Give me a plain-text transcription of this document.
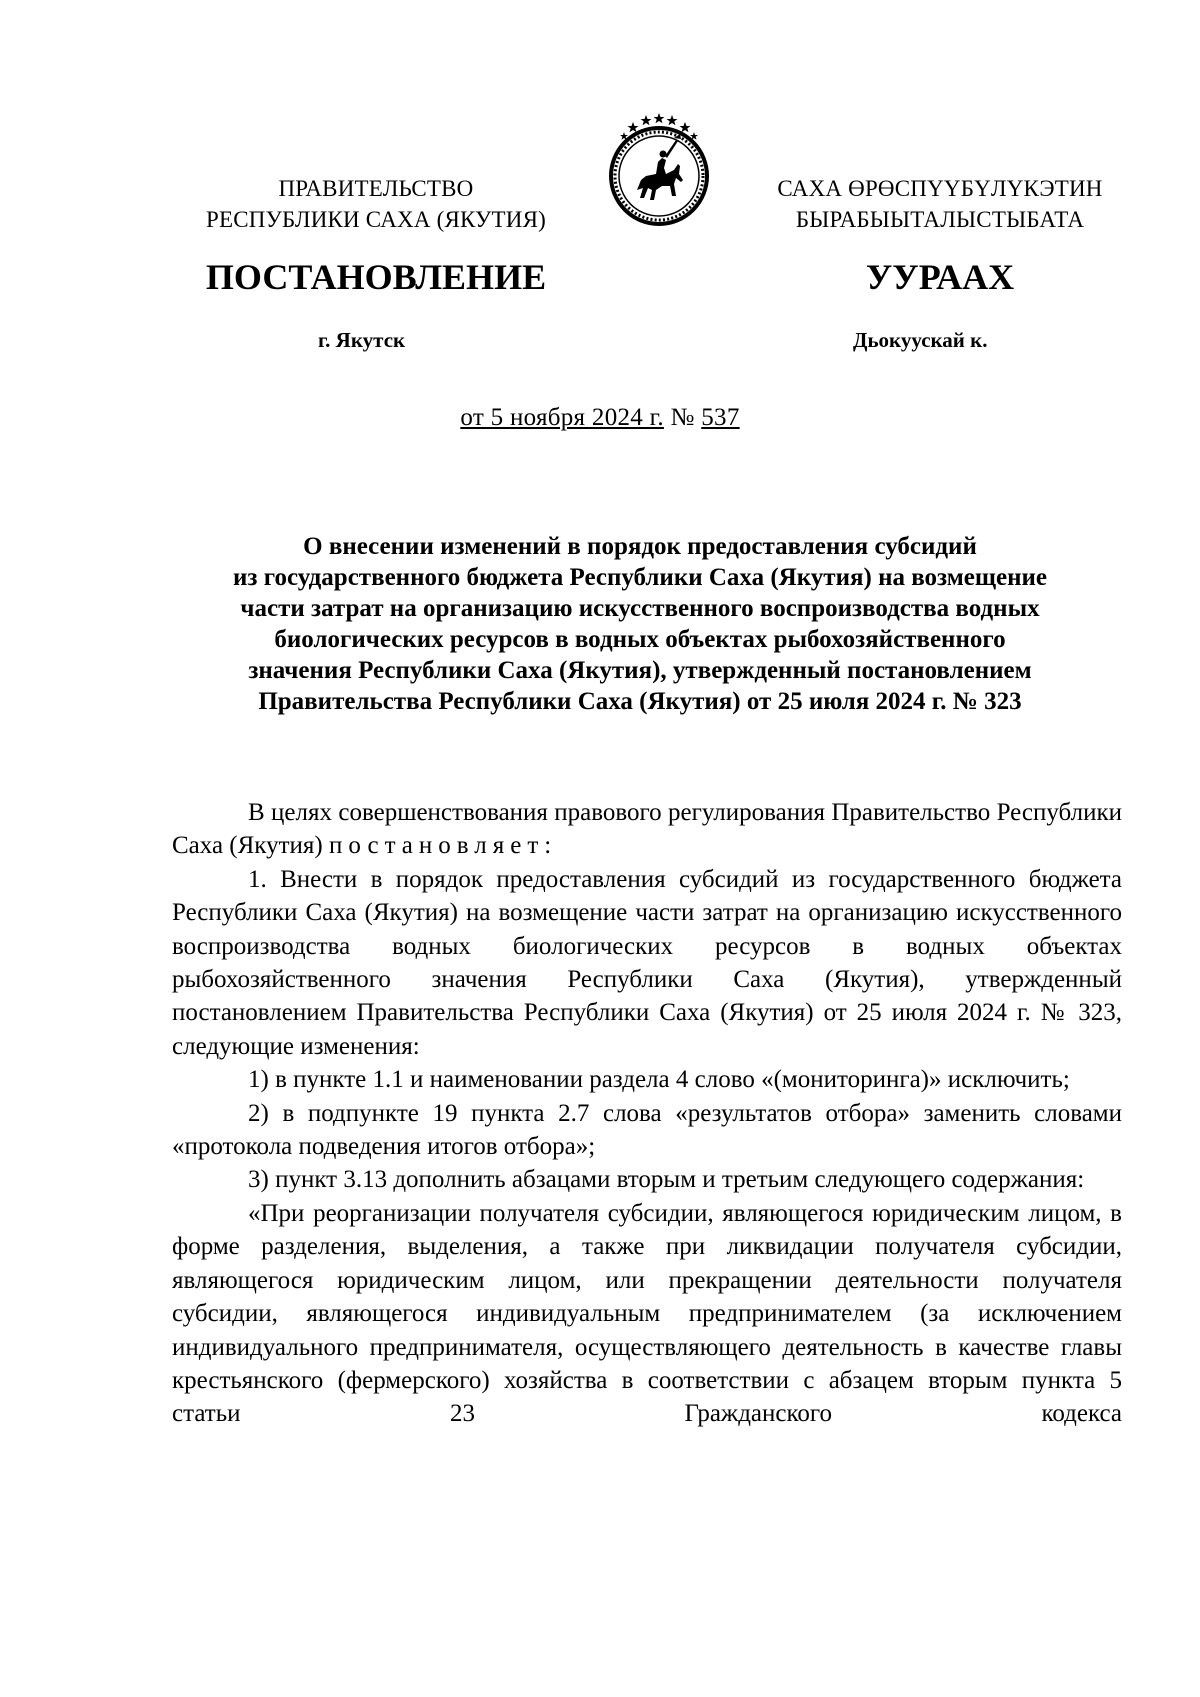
ПРАВИТЕЛЬСТВО
РЕСПУБЛИКИ САХА (ЯКУТИЯ)
САХА ӨРӨСПҮҮБҮЛҮКЭТИН
БЫРАБЫЫТАЛЫСТЫБАТА
ПОСТАНОВЛЕНИЕ	УУРААХ
г. Якутск	Дьокуускай к.
от 5 ноября 2024 г. № 537
О внесении изменений в порядок предоставления субсидий
из государственного бюджета Республики Саха (Якутия) на возмещение
части затрат на организацию искусственного воспроизводства водных
биологических ресурсов в водных объектах рыбохозяйственного
значения Республики Саха (Якутия), утвержденный постановлением
Правительства Республики Саха (Якутия) от 25 июля 2024 г. № 323

В целях совершенствования правового регулирования Правительство Республики Саха (Якутия) постановляет:

1. Внести в порядок предоставления субсидий из государственного бюджета Республики Саха (Якутия) на возмещение части затрат на организацию искусственного воспроизводства водных биологических ресурсов в водных объектах рыбохозяйственного значения Республики Саха (Якутия), утвержденный постановлением Правительства Республики Саха (Якутия) от 25 июля 2024 г. № 323, следующие изменения:

1) в пункте 1.1 и наименовании раздела 4 слово «(мониторинга)» исключить;

2) в подпункте 19 пункта 2.7 слова «результатов отбора» заменить словами «протокола подведения итогов отбора»;

3) пункт 3.13 дополнить абзацами вторым и третьим следующего содержания:

«При реорганизации получателя субсидии, являющегося юридическим лицом, в форме разделения, выделения, а также при ликвидации получателя субсидии, являющегося юридическим лицом, или прекращении деятельности получателя субсидии, являющегося индивидуальным предпринимателем (за исключением индивидуального предпринимателя, осуществляющего деятельность в качестве главы крестьянского (фермерского) хозяйства в соответствии с абзацем вторым пункта 5 статьи 23 Гражданского кодекса
